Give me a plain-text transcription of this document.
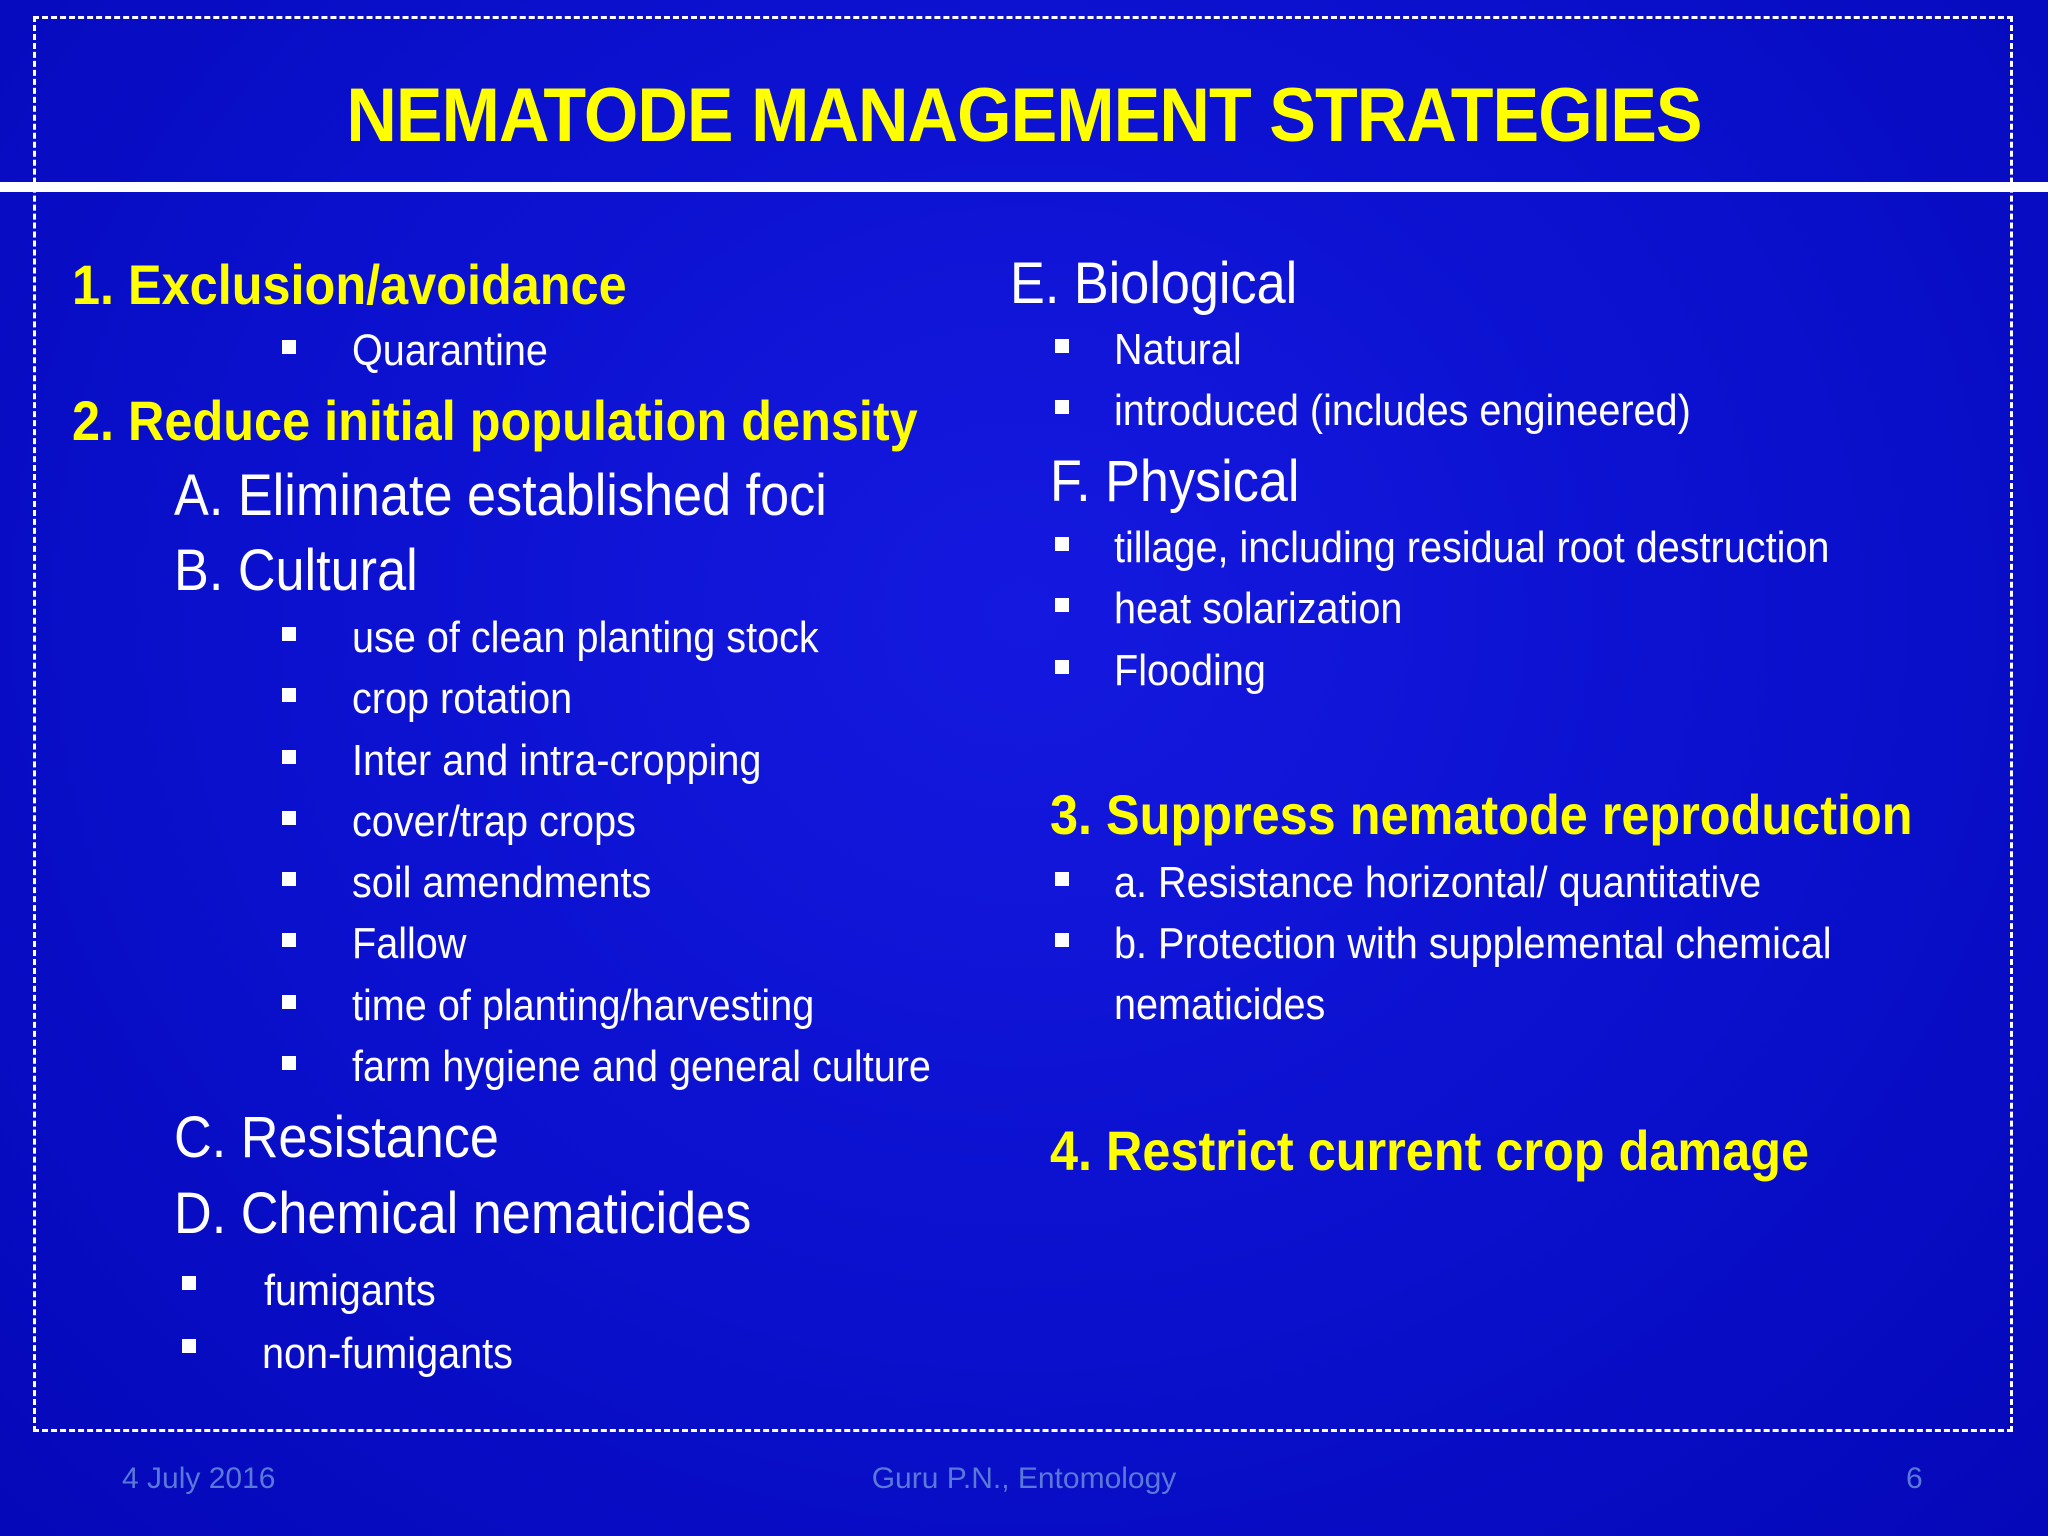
NEMATODE MANAGEMENT STRATEGIES
1. Exclusion/avoidance
Quarantine
2. Reduce initial population density
A. Eliminate established foci
B. Cultural
use of clean planting stock
crop rotation
Inter and intra-cropping
cover/trap crops
soil amendments
Fallow
time of planting/harvesting
farm hygiene and general culture
C. Resistance
D. Chemical nematicides
fumigants
non-fumigants
E. Biological
Natural
introduced (includes engineered)
F. Physical
tillage, including residual root destruction
heat solarization
Flooding
3. Suppress nematode reproduction
a. Resistance horizontal/ quantitative
b. Protection with supplemental chemical
nematicides
4. Restrict current crop damage
4 July 2016	Guru P.N., Entomology	6
